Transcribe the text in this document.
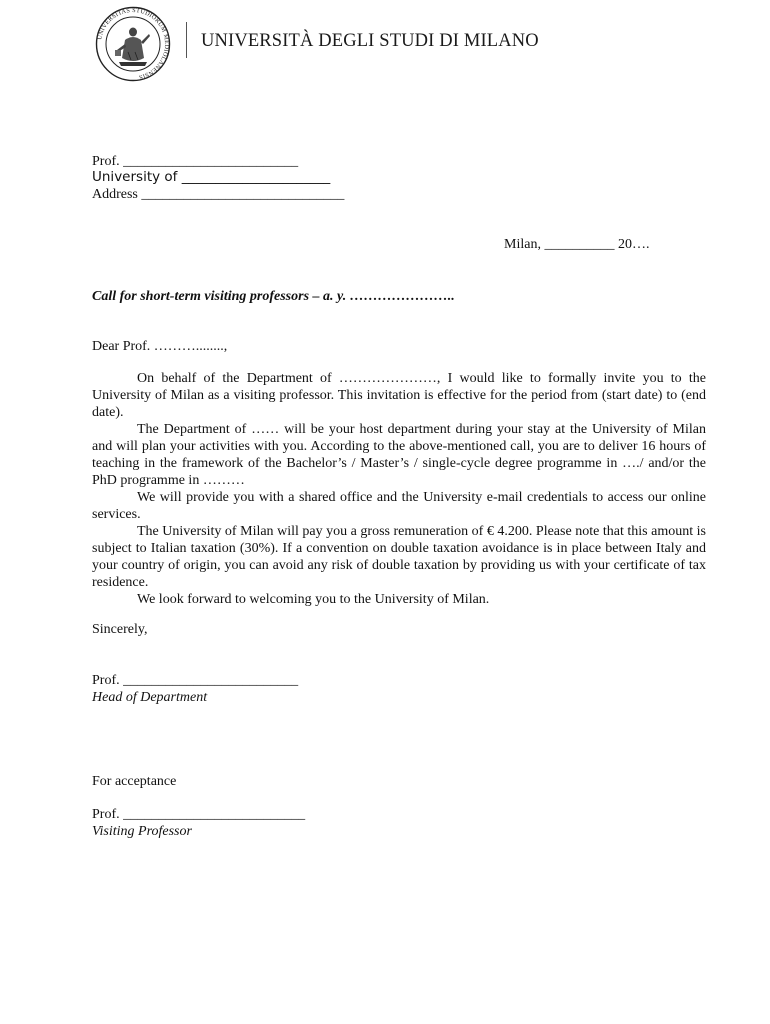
UNIVERSITAS STUDIORUM MEDIOLANENSIS
UNIVERSITÀ DEGLI STUDI DI MILANO
Prof. _________________________
University of ______________________
Address _____________________________
Milan, __________ 20….
Call for short-term visiting professors – a. y. …………………..
Dear Prof. ………........,

On behalf of the Department of …………………, I would like to formally invite you to the University of Milan as a visiting professor. This invitation is effective for the period from (start date) to (end date).

The Department of …… will be your host department during your stay at the University of Milan and will plan your activities with you. According to the above-mentioned call, you are to deliver 16 hours of teaching in the framework of the Bachelor’s / Master’s / single-cycle degree programme in …./ and/or the PhD programme in ………

We will provide you with a shared office and the University e-mail credentials to access our online services.

The University of Milan will pay you a gross remuneration of € 4.200. Please note that this amount is subject to Italian taxation (30%). If a convention on double taxation avoidance is in place between Italy and your country of origin, you can avoid any risk of double taxation by providing us with your certificate of tax residence.

We look forward to welcoming you to the University of Milan.

Sincerely,
Prof. _________________________
Head of Department
For acceptance
Prof. __________________________
Visiting Professor
